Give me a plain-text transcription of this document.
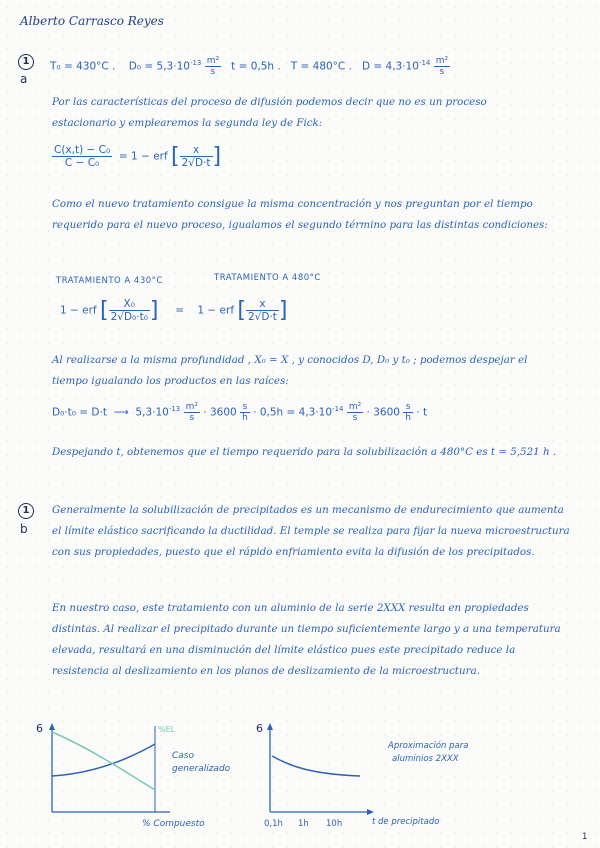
Alberto Carrasco Reyes
1
a
T₀ = 430°C . $D_0 = 5,3\cdot 10^{-13} \frac{\text{m²}}{s}$ t = 0,5h . T = 480°C . $D = 4,3\cdot 10^{-14} \frac{\text{m²}}{s}$
Por las características del proceso de difusión podemos decir que no es un proceso estacionario y emplearemos la segunda ley de Fick:
$\frac{\text{C(x,t) − C₀}}{\text{C − C₀}} = 1$ − erf [ $\frac{x}{2√D\cdot t}$ ]
Como el nuevo tratamiento consigue la misma concentración y nos preguntan por el tiempo requerido para el nuevo proceso, igualamos el segundo término para las distintas condiciones:
TRATAMIENTO A 430°C	TRATAMIENTO A 480°C
1 − erf [ $\frac{\text{X₀}}{\text{2√D₀·t₀}}$ ] = 1 − erf [ $\frac{x}{2√D\cdot t}$ ]
Al realizarse a la misma profundidad , X₀ = X , y conocidos D, D₀ y t₀ ; podemos despejar el tiempo igualando los productos en las raíces:
D₀·t₀ = D·t ⟶ $5,3\cdot 10^{-13} \frac{\text{m²}}{s} \cdot 3600 \frac{s}{h} \cdot 0,5h = 4,3\cdot 10^{-14} \frac{\text{m²}}{s} \cdot 3600 \frac{s}{h} \cdot t$
Despejando t, obtenemos que el tiempo requerido para la solubilización a 480°C es t = 5,521 h .
1
b
Generalmente la solubilización de precipitados es un mecanismo de endurecimiento que aumenta el límite elástico sacrificando la ductilidad. El temple se realiza para fijar la nueva microestructura con sus propiedades, puesto que el rápido enfriamiento evita la difusión de los precipitados.
En nuestro caso, este tratamiento con un aluminio de la serie 2XXX resulta en propiedades distintas. Al realizar el precipitado durante un tiempo suficientemente largo y a una temperatura elevada, resultará en una disminución del límite elástico pues este precipitado reduce la resistencia al deslizamiento en los planos de deslizamiento de la microestructura.
6	%EL
Caso
generalizado
% Compuesto
6
Aproximación para
aluminios 2XXX
0,1h 1h 10h	t de precipitado
1
